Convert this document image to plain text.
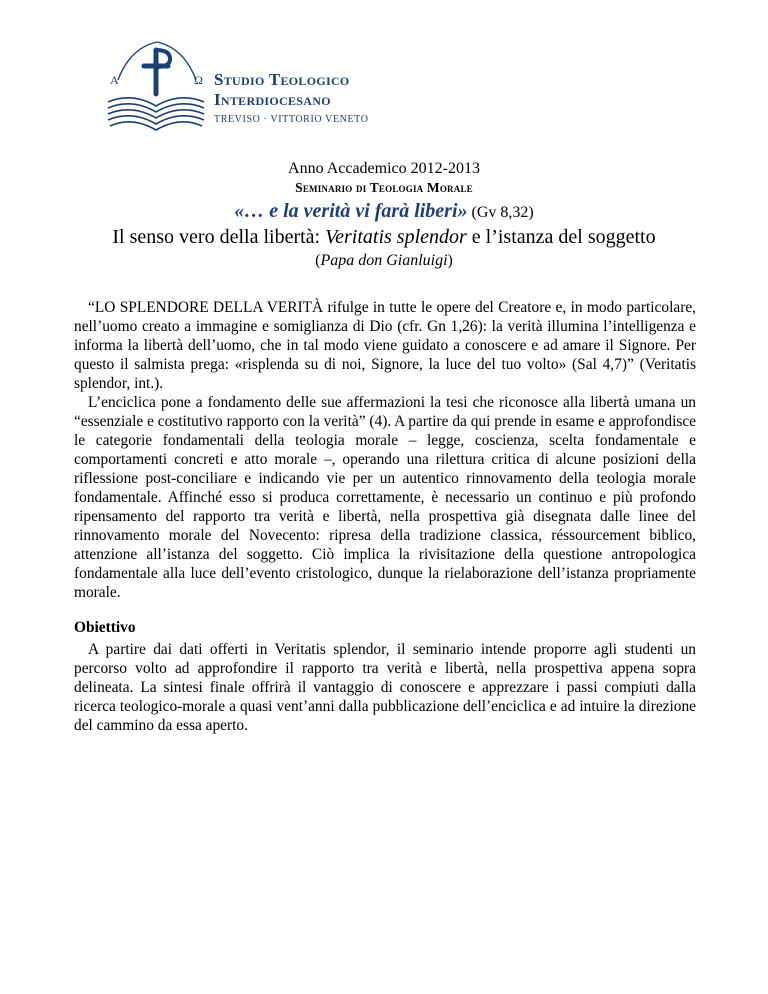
A	Ω Studio Teologico
Interdiocesano
TREVISO · VITTORIO VENETO
Anno Accademico 2012-2013
Seminario di Teologia Morale
«… e la verità vi farà liberi» (Gv 8,32)
Il senso vero della libertà: Veritatis splendor e l’istanza del soggetto
(Papa don Gianluigi)

“LO SPLENDORE DELLA VERITÀ rifulge in tutte le opere del Creatore e, in modo particolare, nell’uomo creato a immagine e somiglianza di Dio (cfr. Gn 1,26): la verità illumina l’intelligenza e informa la libertà dell’uomo, che in tal modo viene guidato a conoscere e ad amare il Signore. Per questo il salmista prega: «risplenda su di noi, Signore, la luce del tuo volto» (Sal 4,7)” (Veritatis splendor, int.).

L’enciclica pone a fondamento delle sue affermazioni la tesi che riconosce alla libertà umana un “essenziale e costitutivo rapporto con la verità” (4). A partire da qui prende in esame e approfondisce le categorie fondamentali della teologia morale – legge, coscienza, scelta fondamentale e comportamenti concreti e atto morale –, operando una rilettura critica di alcune posizioni della riflessione post-conciliare e indicando vie per un autentico rinnovamento della teologia morale fondamentale. Affinché esso si produca correttamente, è necessario un continuo e più profondo ripensamento del rapporto tra verità e libertà, nella prospettiva già disegnata dalle linee del rinnovamento morale del Novecento: ripresa della tradizione classica, réssourcement biblico, attenzione all’istanza del soggetto. Ciò implica la rivisitazione della questione antropologica fondamentale alla luce dell’evento cristologico, dunque la rielaborazione dell’istanza propriamente morale.

Obiettivo

A partire dai dati offerti in Veritatis splendor, il seminario intende proporre agli studenti un percorso volto ad approfondire il rapporto tra verità e libertà, nella prospettiva appena sopra delineata. La sintesi finale offrirà il vantaggio di conoscere e apprezzare i passi compiuti dalla ricerca teologico-morale a quasi vent’anni dalla pubblicazione dell’enciclica e ad intuire la direzione del cammino da essa aperto.
